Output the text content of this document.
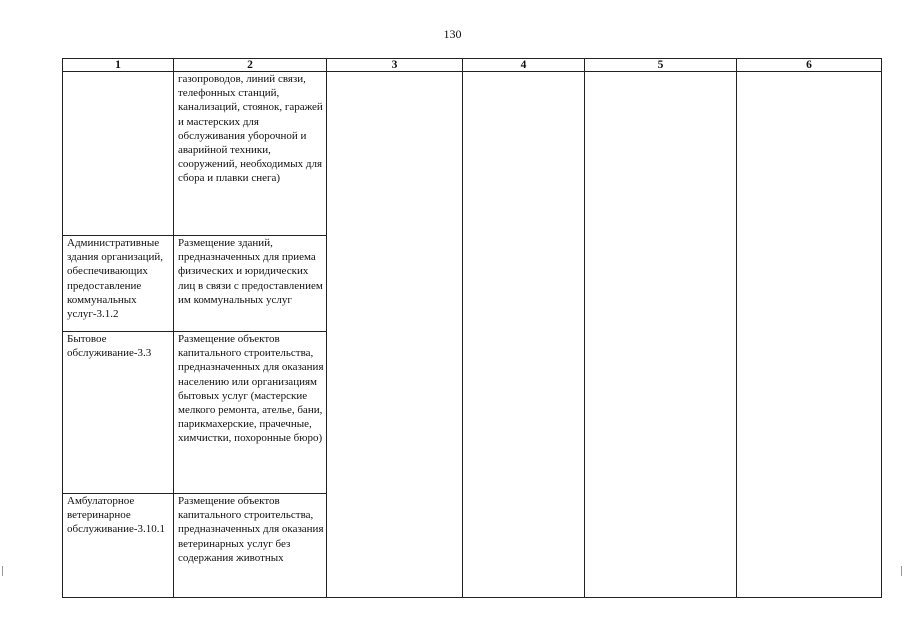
130
1	2	3	4	5	6
	газопроводов, линий связи, телефонных станций, канализаций, стоянок, гаражей и мастерских для обслуживания уборочной и аварийной техники, сооружений, необходимых для сбора и плавки снега)				
Административные здания организаций, обеспечивающих предоставление коммунальных услуг-3.1.2	Размещение зданий, предназначенных для приема физических и юридических лиц в связи с предоставлением им коммунальных услуг				
Бытовое обслуживание-3.3	Размещение объектов капитального строительства, предназначенных для оказания населению или организациям бытовых услуг (мастерские мелкого ремонта, ателье, бани, парикмахерские, прачечные, химчистки, похоронные бюро)				
Амбулаторное ветеринарное обслуживание-3.10.1	Размещение объектов капитального строительства, предназначенных для оказания ветеринарных услуг без содержания животных				
